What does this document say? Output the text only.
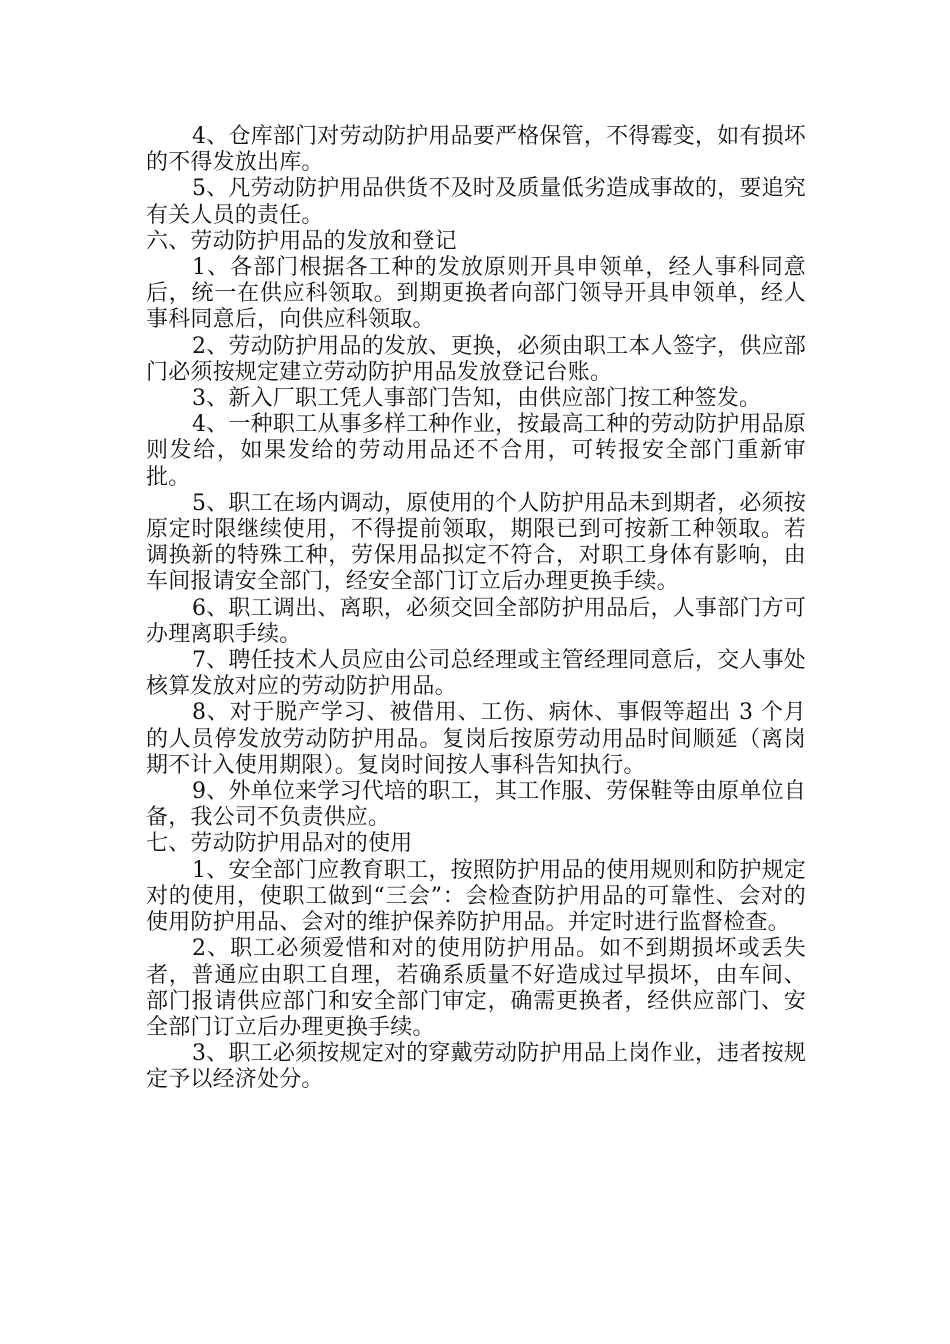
4、仓库部门对劳动防护用品要严格保管，不得霉变，如有损坏的不得发放出库。

5、凡劳动防护用品供货不及时及质量低劣造成事故的，要追究有关人员的责任。

六、劳动防护用品的发放和登记

1、各部门根据各工种的发放原则开具申领单，经人事科同意后，统一在供应科领取。到期更换者向部门领导开具申领单，经人事科同意后，向供应科领取。

2、劳动防护用品的发放、更换，必须由职工本人签字，供应部门必须按规定建立劳动防护用品发放登记台账。

3、新入厂职工凭人事部门告知，由供应部门按工种签发。

4、一种职工从事多样工种作业，按最高工种的劳动防护用品原则发给，如果发给的劳动用品还不合用，可转报安全部门重新审批。

5、职工在场内调动，原使用的个人防护用品未到期者，必须按原定时限继续使用，不得提前领取，期限已到可按新工种领取。若调换新的特殊工种，劳保用品拟定不符合，对职工身体有影响，由车间报请安全部门，经安全部门订立后办理更换手续。

6、职工调出、离职，必须交回全部防护用品后，人事部门方可办理离职手续。

7、聘任技术人员应由公司总经理或主管经理同意后，交人事处核算发放对应的劳动防护用品。

8、对于脱产学习、被借用、工伤、病休、事假等超出 3 个月的人员停发放劳动防护用品。复岗后按原劳动用品时间顺延（离岗期不计入使用期限）。复岗时间按人事科告知执行。

9、外单位来学习代培的职工，其工作服、劳保鞋等由原单位自备，我公司不负责供应。

七、劳动防护用品对的使用

1、安全部门应教育职工，按照防护用品的使用规则和防护规定对的使用，使职工做到“三会”：会检查防护用品的可靠性、会对的使用防护用品、会对的维护保养防护用品。并定时进行监督检查。

2、职工必须爱惜和对的使用防护用品。如不到期损坏或丢失者，普通应由职工自理，若确系质量不好造成过早损坏，由车间、部门报请供应部门和安全部门审定，确需更换者，经供应部门、安全部门订立后办理更换手续。

3、职工必须按规定对的穿戴劳动防护用品上岗作业，违者按规定予以经济处分。
